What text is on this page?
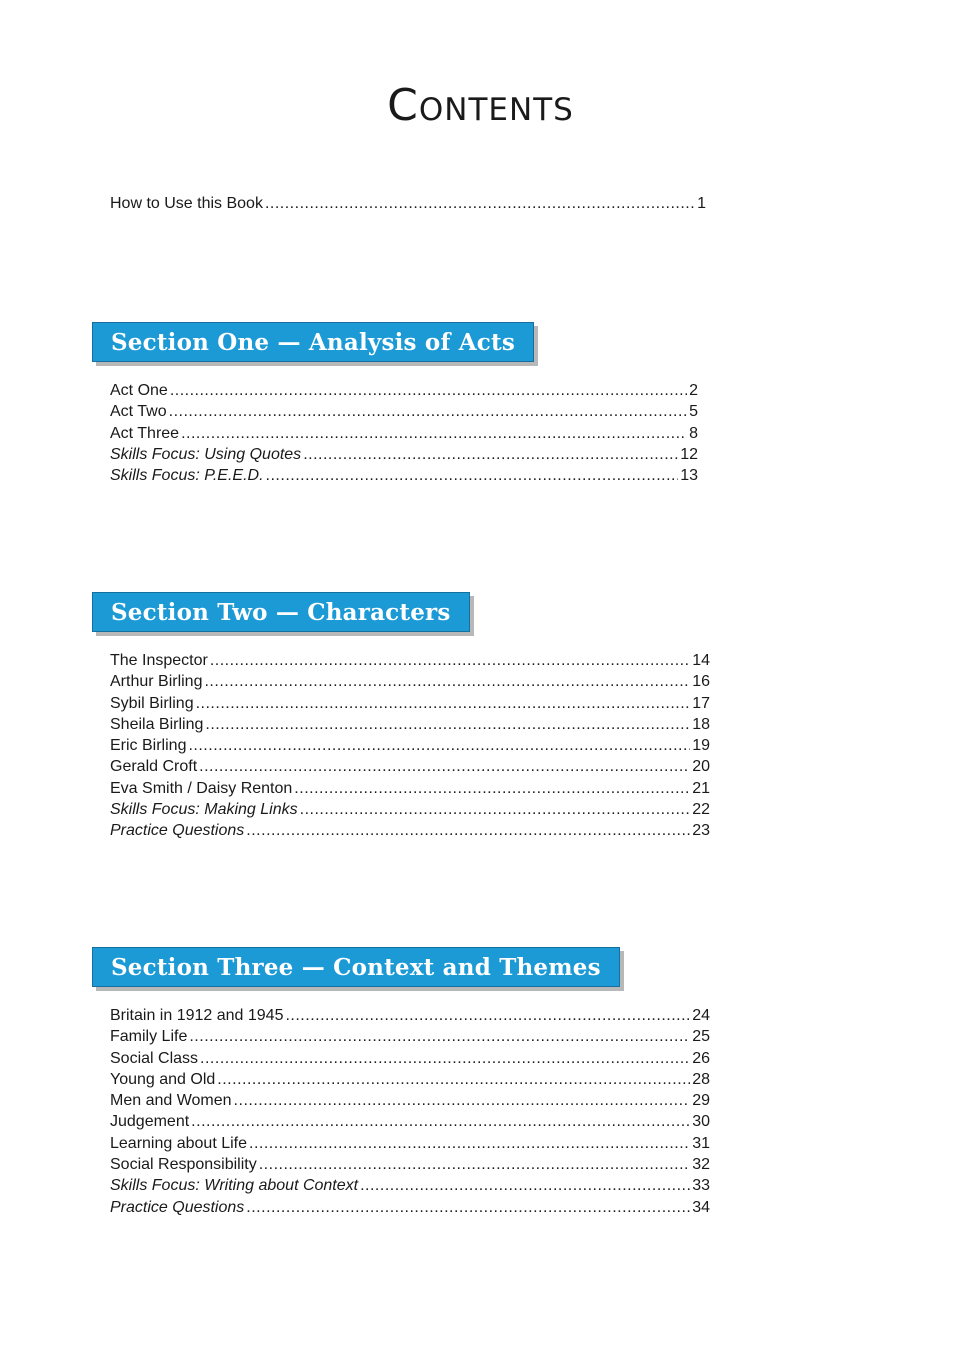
Contents
How to Use this Book .....	1
Section One — Analysis of Acts
Act One .....	2
Act Two .....	5
Act Three .....	8
Skills Focus: Using Quotes .....	12
Skills Focus: P.E.E.D. .....	13
Section Two — Characters
The Inspector .....	14
Arthur Birling .....	16
Sybil Birling .....	17
Sheila Birling .....	18
Eric Birling .....	19
Gerald Croft .....	20
Eva Smith / Daisy Renton .....	21
Skills Focus: Making Links .....	22
Practice Questions .....	23
Section Three — Context and Themes
Britain in 1912 and 1945 .....	24
Family Life .....	25
Social Class .....	26
Young and Old .....	28
Men and Women .....	29
Judgement .....	30
Learning about Life .....	31
Social Responsibility .....	32
Skills Focus: Writing about Context .....	33
Practice Questions .....	34
